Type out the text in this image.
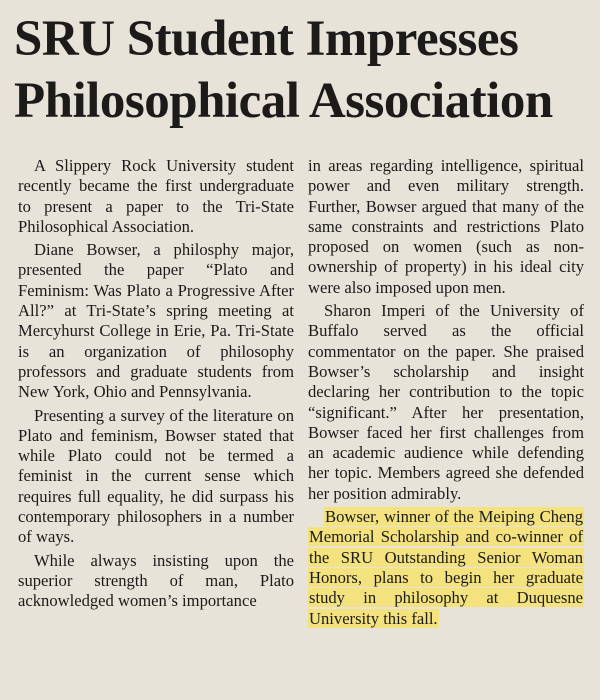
SRU Student Impresses
Philosophical Association

A Slippery Rock University student recently became the first undergraduate to present a paper to the Tri-State Philosophical Association.

Diane Bowser, a philosphy major, presented the paper “Plato and Feminism: Was Plato a Progressive After All?” at Tri-State’s spring meeting at Mercyhurst College in Erie, Pa. Tri-State is an organization of philosophy professors and graduate students from New York, Ohio and Pennsylvania.

Presenting a survey of the literature on Plato and feminism, Bowser stated that while Plato could not be termed a feminist in the current sense which requires full equality, he did surpass his contemporary philosophers in a number of ways.

While always insisting upon the superior strength of man, Plato acknowledged women’s importance

in areas regarding intelligence, spiritual power and even military strength. Further, Bowser argued that many of the same constraints and restrictions Plato proposed on women (such as non-ownership of property) in his ideal city were also imposed upon men.

Sharon Imperi of the University of Buffalo served as the official commentator on the paper. She praised Bowser’s scholarship and insight declaring her contribution to the topic “significant.” After her presentation, Bowser faced her first challenges from an academic audience while defending her topic. Members agreed she defended her position admirably.

Bowser, winner of the Meiping Cheng Memorial Scholarship and co-winner of the SRU Outstanding Senior Woman Honors, plans to begin her graduate study in philosophy at Duquesne University this fall.
